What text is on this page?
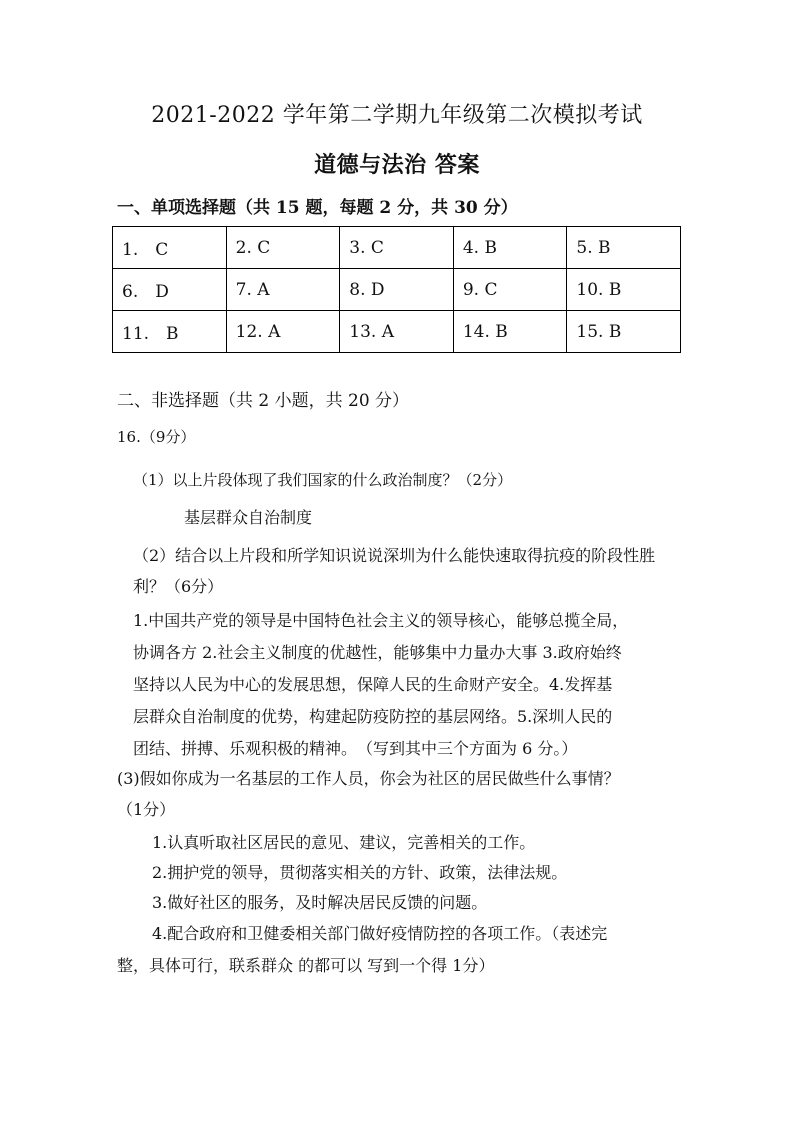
2021-2022 学年第二学期九年级第二次模拟考试
道德与法治 答案
一、单项选择题（共 15 题，每题 2 分，共 30 分）
1.　C	2. C	3. C	4. B	5. B
6.　D	7. A	8. D	9. C	10. B
11.　B	12. A	13. A	14. B	15. B
二、非选择题（共 2 小题，共 20 分）
16.（9分）
（1）以上片段体现了我们国家的什么政治制度？（2分）
基层群众自治制度
（2）结合以上片段和所学知识说说深圳为什么能快速取得抗疫的阶段性胜
利？（6分）
1.中国共产党的领导是中国特色社会主义的领导核心，能够总揽全局，
协调各方 2.社会主义制度的优越性，能够集中力量办大事 3.政府始终
坚持以人民为中心的发展思想，保障人民的生命财产安全。4.发挥基
层群众自治制度的优势，构建起防疫防控的基层网络。5.深圳人民的
团结、拼搏、乐观积极的精神。　（写到其中三个方面为 6 分。）
(3)假如你成为一名基层的工作人员，你会为社区的居民做些什么事情？
（1分）
1.认真听取社区居民的意见、建议，完善相关的工作。
2.拥护党的领导，贯彻落实相关的方针、政策，法律法规。
3.做好社区的服务，及时解决居民反馈的问题。
4.配合政府和卫健委相关部门做好疫情防控的各项工作。（表述完
整，具体可行，联系群众 的都可以 写到一个得 1分）
